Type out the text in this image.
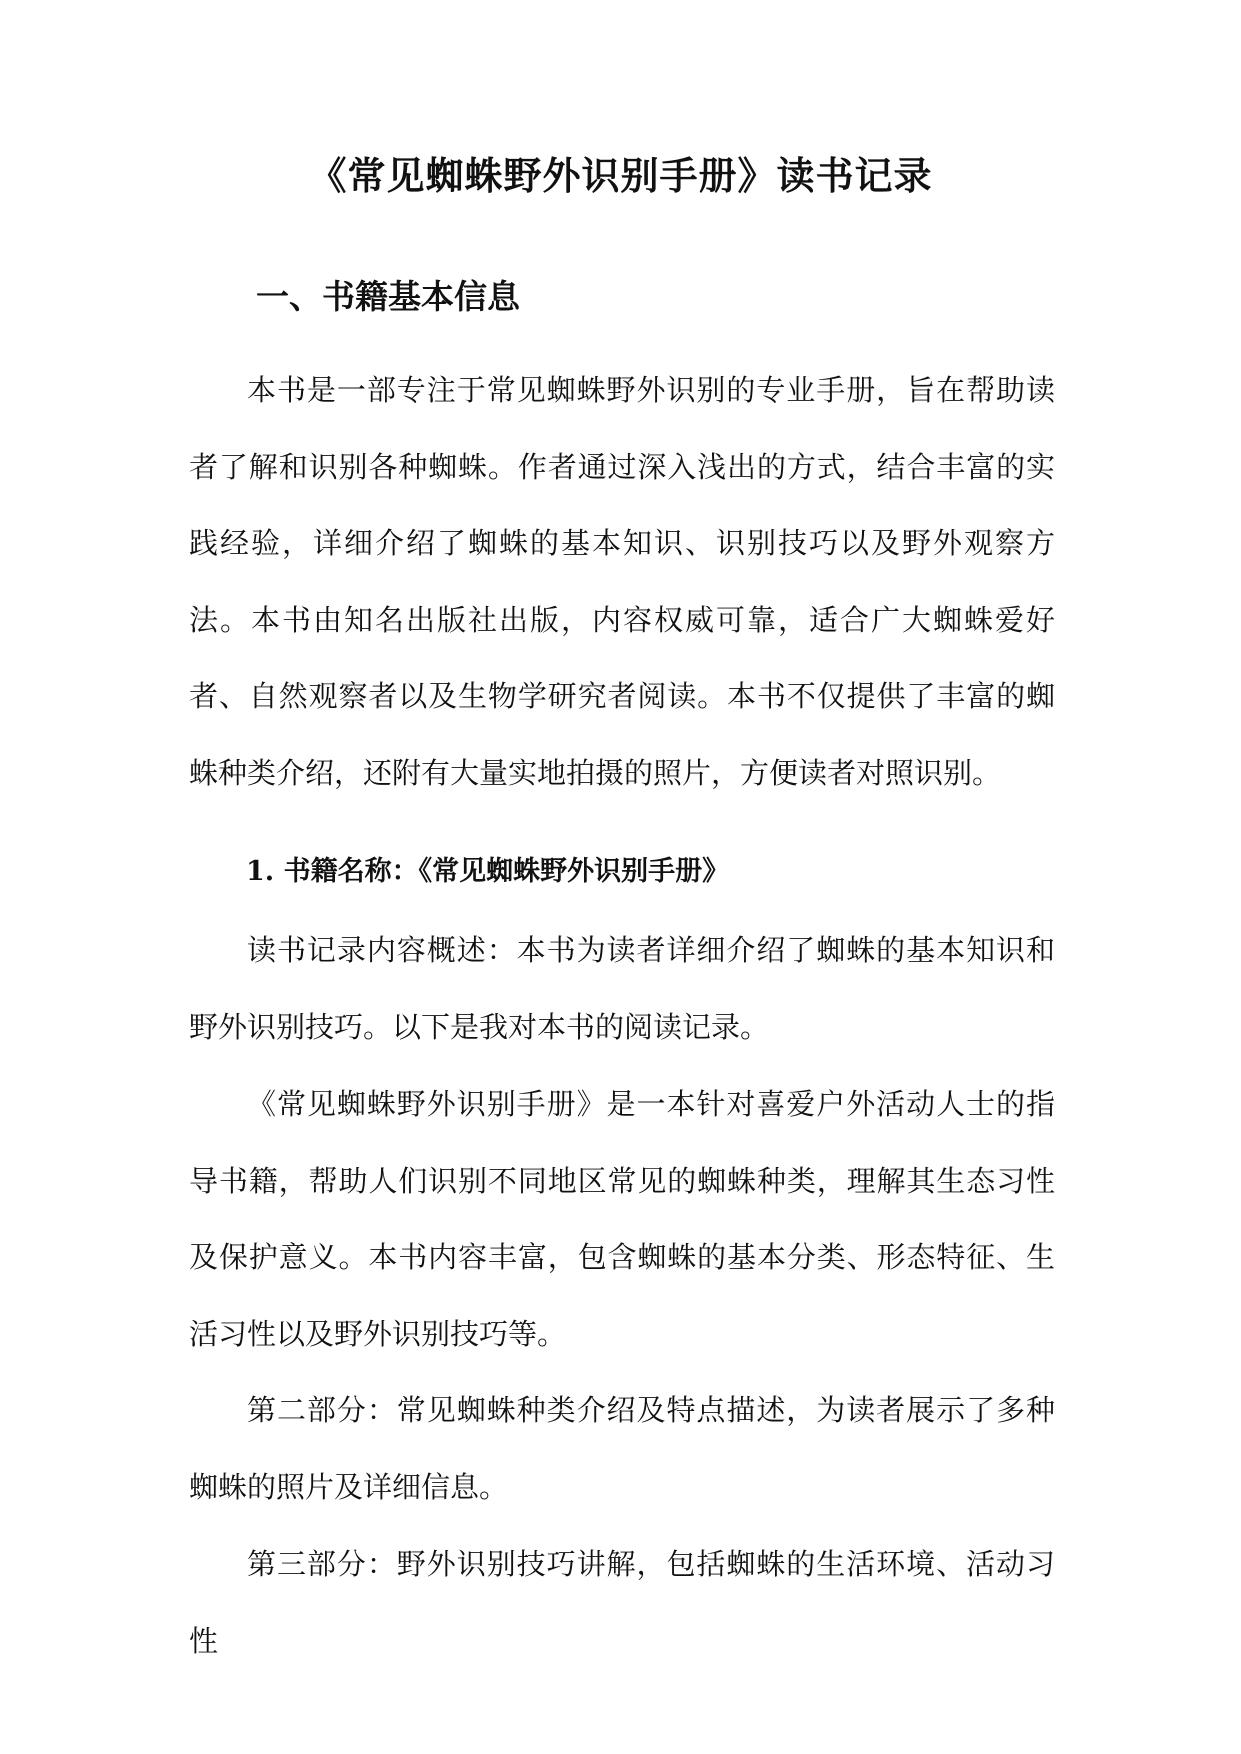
《常见蜘蛛野外识别手册》读书记录
一、书籍基本信息

本书是一部专注于常见蜘蛛野外识别的专业手册，旨在帮助读者了解和识别各种蜘蛛。作者通过深入浅出的方式，结合丰富的实践经验，详细介绍了蜘蛛的基本知识、识别技巧以及野外观察方法。本书由知名出版社出版，内容权威可靠，适合广大蜘蛛爱好者、自然观察者以及生物学研究者阅读。本书不仅提供了丰富的蜘蛛种类介绍，还附有大量实地拍摄的照片，方便读者对照识别。

1. 书籍名称：《常见蜘蛛野外识别手册》

读书记录内容概述：本书为读者详细介绍了蜘蛛的基本知识和野外识别技巧。以下是我对本书的阅读记录。

《常见蜘蛛野外识别手册》是一本针对喜爱户外活动人士的指导书籍，帮助人们识别不同地区常见的蜘蛛种类，理解其生态习性及保护意义。本书内容丰富，包含蜘蛛的基本分类、形态特征、生活习性以及野外识别技巧等。

第二部分：常见蜘蛛种类介绍及特点描述，为读者展示了多种蜘蛛的照片及详细信息。

第三部分：野外识别技巧讲解，包括蜘蛛的生活环境、活动习性
